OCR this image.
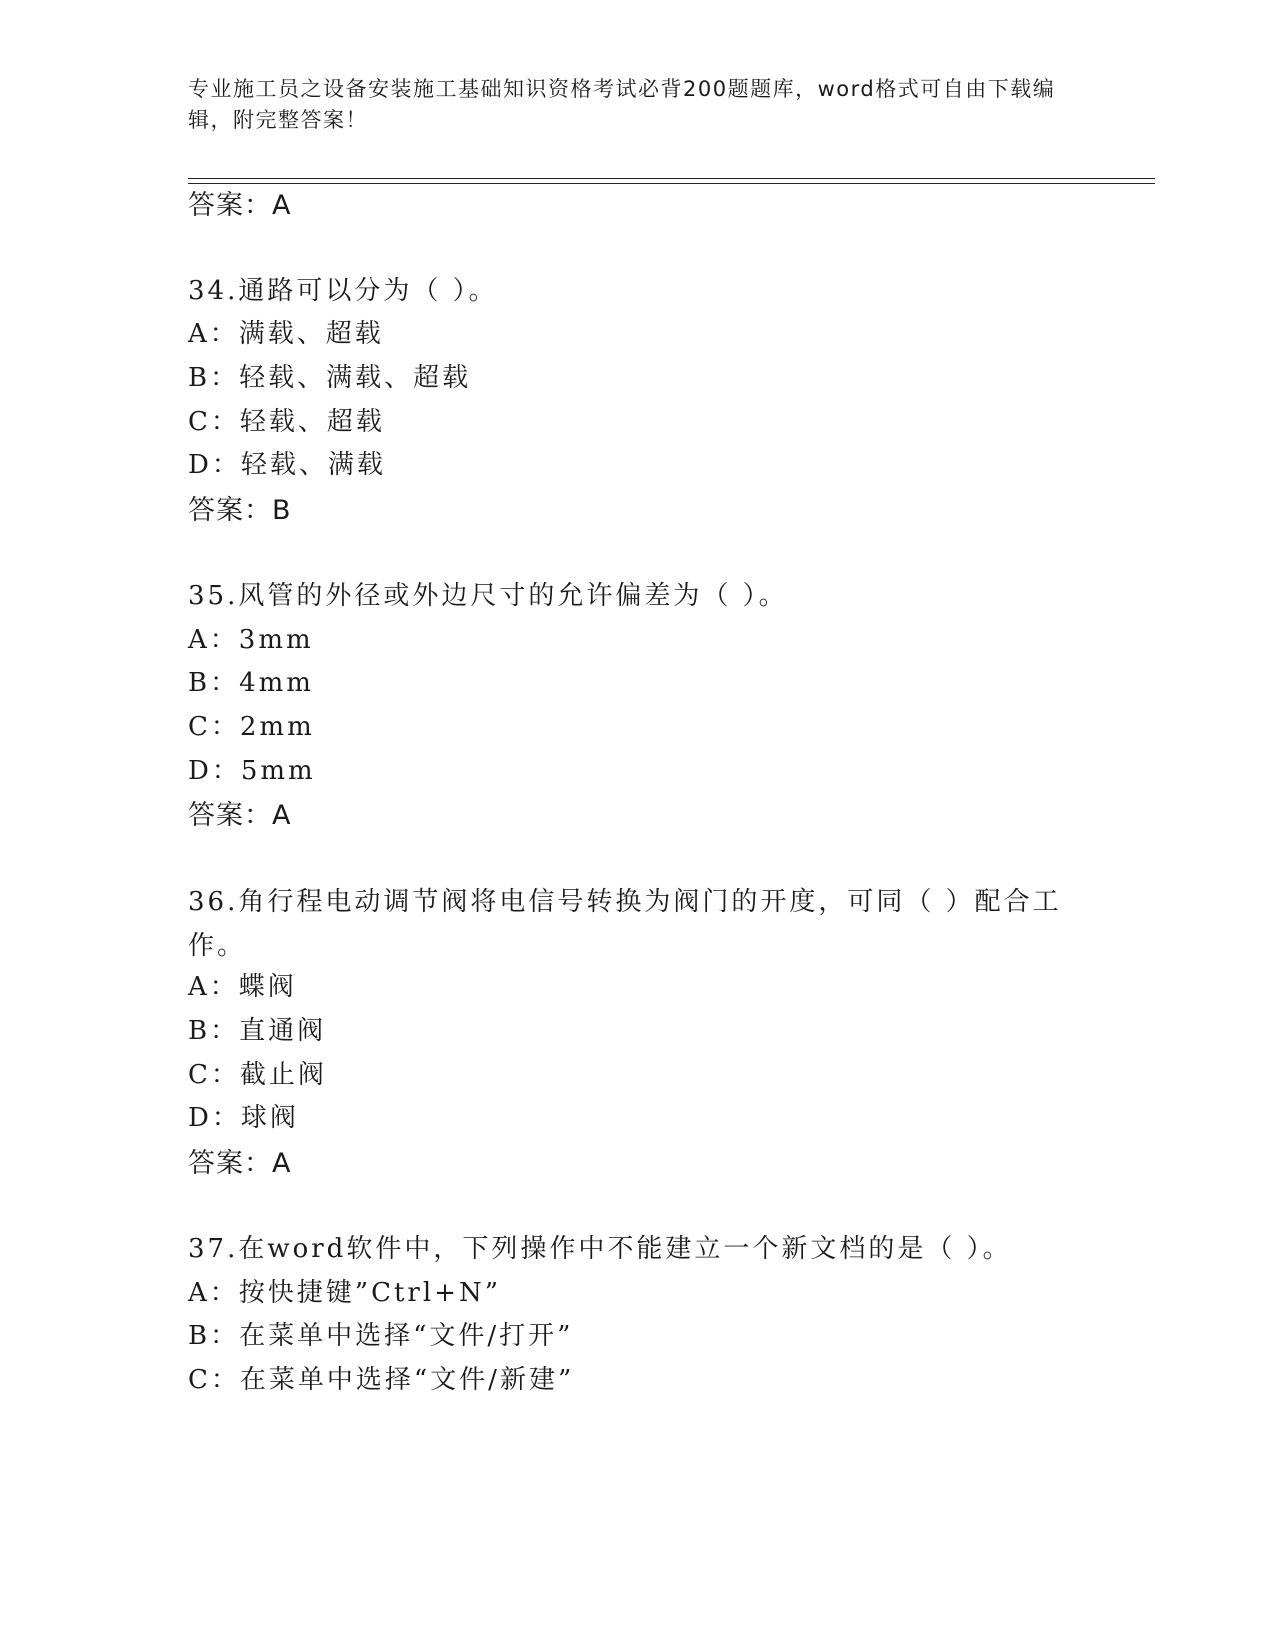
专业施工员之设备安装施工基础知识资格考试必背200题题库，word格式可自由下载编辑，附完整答案！
答案：A
34.通路可以分为（ ）。
A：满载、超载
B：轻载、满载、超载
C：轻载、超载
D：轻载、满载
答案：B
35.风管的外径或外边尺寸的允许偏差为（ ）。
A：3mm
B：4mm
C：2mm
D：5mm
答案：A
36.角行程电动调节阀将电信号转换为阀门的开度，可同（ ）配合工作。
A：蝶阀
B：直通阀
C：截止阀
D：球阀
答案：A
37.在word软件中，下列操作中不能建立一个新文档的是（ ）。
A：按快捷键”Ctrl+N”
B：在菜单中选择“文件/打开”
C：在菜单中选择“文件/新建”
